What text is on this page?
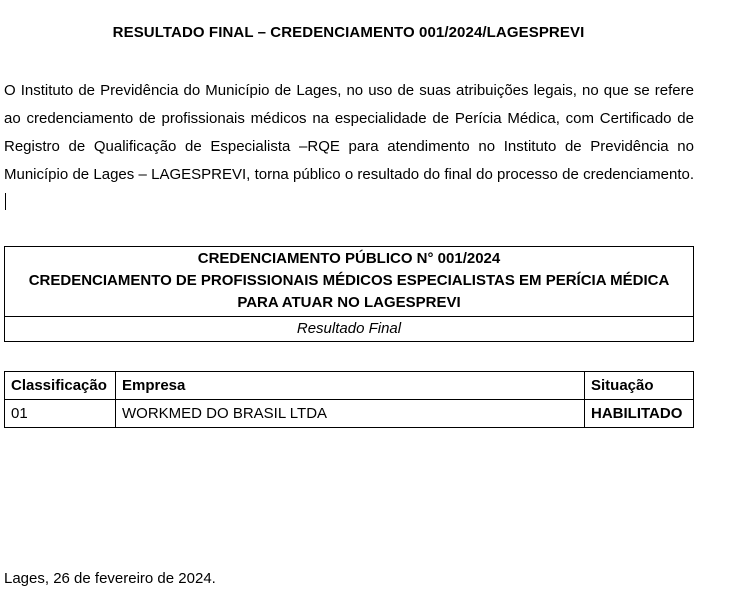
RESULTADO FINAL – CREDENCIAMENTO 001/2024/LAGESPREVI
O Instituto de Previdência do Município de Lages, no uso de suas atribuições legais, no que se refere ao credenciamento de profissionais médicos na especialidade de Perícia Médica, com Certificado de Registro de Qualificação de Especialista –RQE para atendimento no Instituto de Previdência no Município de Lages – LAGESPREVI, torna público o resultado do final do processo de credenciamento.
CREDENCIAMENTO PÚBLICO N° 001/2024
CREDENCIAMENTO DE PROFISSIONAIS MÉDICOS ESPECIALISTAS EM PERÍCIA MÉDICA
PARA ATUAR NO LAGESPREVI
Resultado Final
Classificação	Empresa	Situação
01	WORKMED DO BRASIL LTDA	HABILITADO
Lages, 26 de fevereiro de 2024.
